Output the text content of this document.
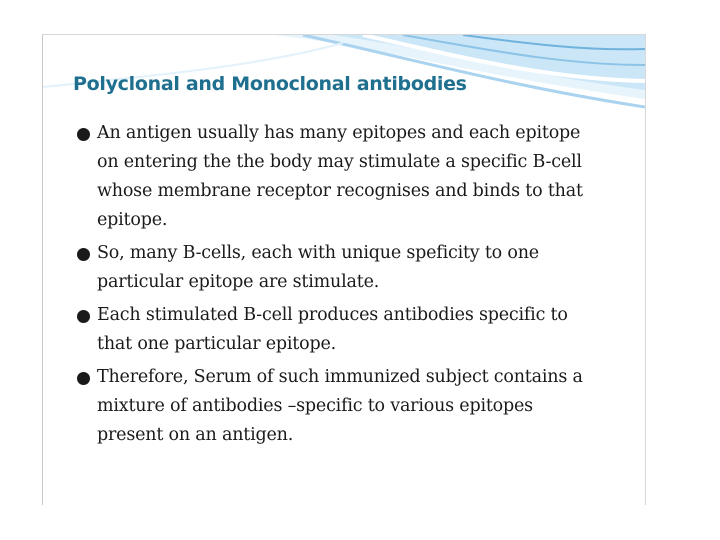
Polyclonal and Monoclonal antibodies
An antigen usually has many epitopes and each epitope on entering the the body may stimulate a specific B-cell whose membrane receptor recognises and binds to that epitope.
So, many B-cells, each with unique speficity to one particular epitope are stimulate.
Each stimulated B-cell produces antibodies specific to that one particular epitope.
Therefore, Serum of such immunized subject contains a mixture of antibodies –specific to various epitopes present on an antigen.
